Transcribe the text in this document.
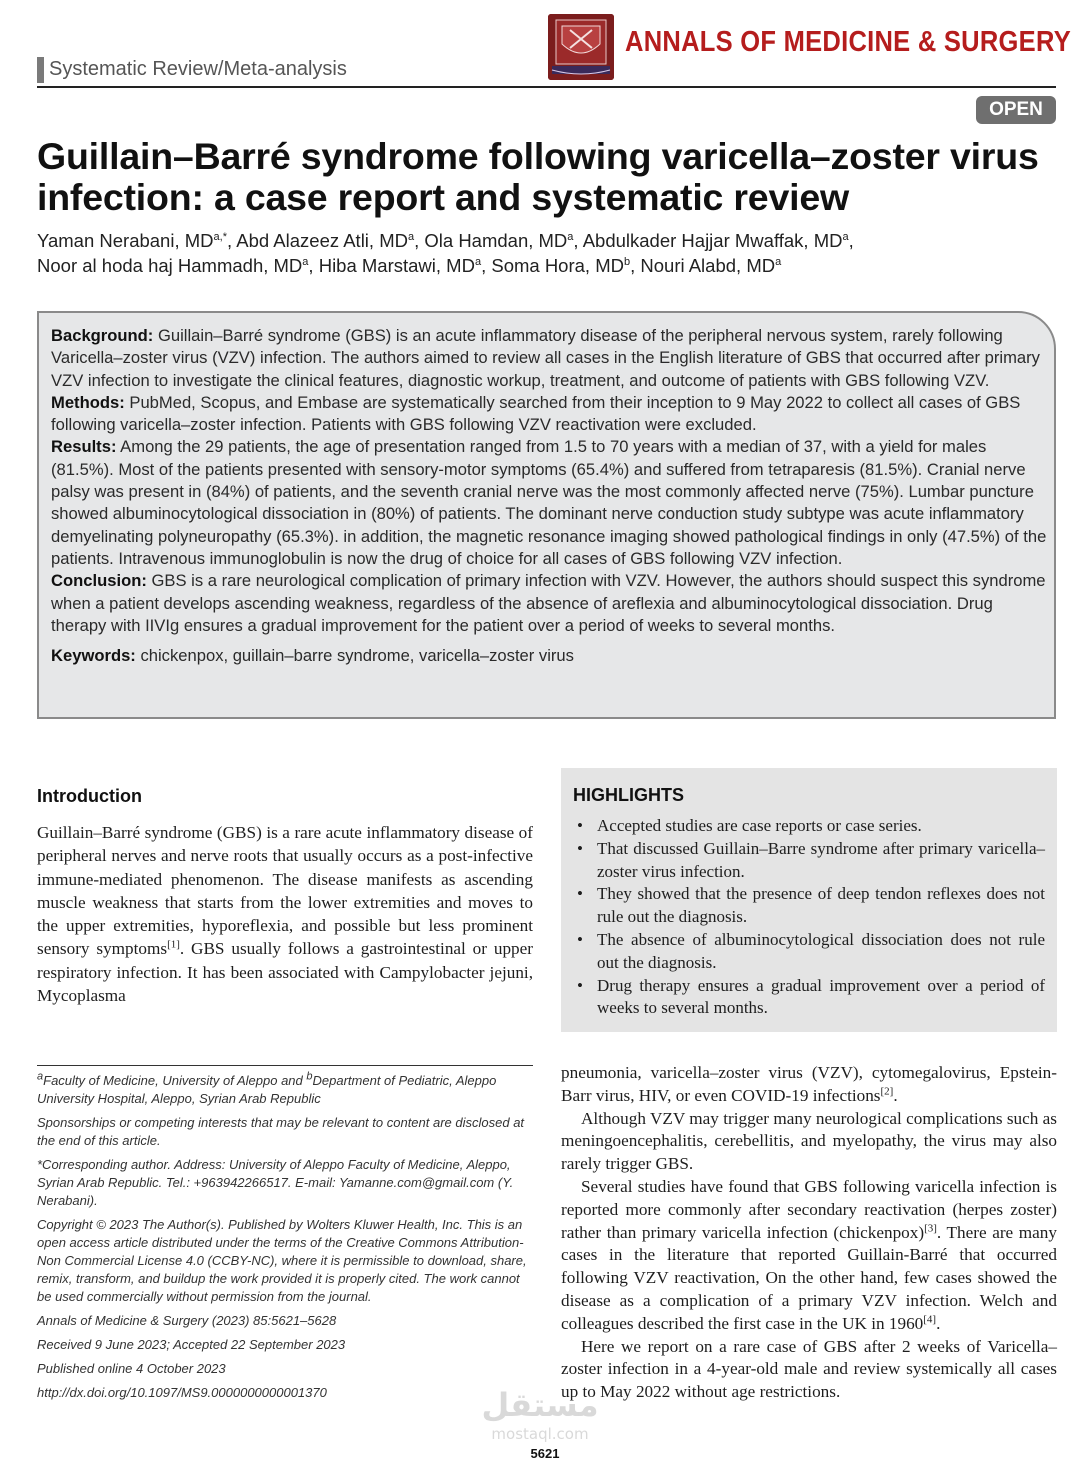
Systematic Review/Meta-analysis
ANNALS OF MEDICINE & SURGERY
OPEN
Guillain–Barré syndrome following varicella–zoster virus infection: a case report and systematic review
Yaman Nerabani, $MD^{a,*}$, Abd Alazeez Atli, $MD^a$, Ola Hamdan, $MD^a$, Abdulkader Hajjar Mwaffak, $MD^a$,
Noor al hoda haj Hammadh, $MD^a$, Hiba Marstawi, $MD^a$, Soma Hora, $MD^b$, Nouri Alabd, $MD^a$

Background: Guillain–Barré syndrome (GBS) is an acute inflammatory disease of the peripheral nervous system, rarely following Varicella–zoster virus (VZV) infection. The authors aimed to review all cases in the English literature of GBS that occurred after primary VZV infection to investigate the clinical features, diagnostic workup, treatment, and outcome of patients with GBS following VZV.

Methods: PubMed, Scopus, and Embase are systematically searched from their inception to 9 May 2022 to collect all cases of GBS following varicella–zoster infection. Patients with GBS following VZV reactivation were excluded.

Results: Among the 29 patients, the age of presentation ranged from 1.5 to 70 years with a median of 37, with a yield for males (81.5%). Most of the patients presented with sensory-motor symptoms (65.4%) and suffered from tetraparesis (81.5%). Cranial nerve palsy was present in (84%) of patients, and the seventh cranial nerve was the most commonly affected nerve (75%). Lumbar puncture showed albuminocytological dissociation in (80%) of patients. The dominant nerve conduction study subtype was acute inflammatory demyelinating polyneuropathy (65.3%). in addition, the magnetic resonance imaging showed pathological findings in only (47.5%) of the patients. Intravenous immunoglobulin is now the drug of choice for all cases of GBS following VZV infection.

Conclusion: GBS is a rare neurological complication of primary infection with VZV. However, the authors should suspect this syndrome when a patient develops ascending weakness, regardless of the absence of areflexia and albuminocytological dissociation. Drug therapy with IIVIg ensures a gradual improvement for the patient over a period of weeks to several months.

Keywords: chickenpox, guillain–barre syndrome, varicella–zoster virus

Introduction

Guillain–Barré syndrome (GBS) is a rare acute inflammatory disease of peripheral nerves and nerve roots that usually occurs as a post-infective immune-mediated phenomenon. The disease manifests as ascending muscle weakness that starts from the lower extremities and moves to the upper extremities, hyporeflexia, and possible but less prominent sensory symptoms[1]. GBS usually follows a gastrointestinal or upper respiratory infection. It has been associated with Campylobacter jejuni, Mycoplasma

HIGHLIGHTS
• Accepted studies are case reports or case series.
• That discussed Guillain–Barre syndrome after primary varicella–zoster virus infection.
• They showed that the presence of deep tendon reflexes does not rule out the diagnosis.
• The absence of albuminocytological dissociation does not rule out the diagnosis.
• Drug therapy ensures a gradual improvement over a period of weeks to several months.

$^a$Faculty of Medicine, University of Aleppo and $^b$Department of Pediatric, Aleppo University Hospital, Aleppo, Syrian Arab Republic

Sponsorships or competing interests that may be relevant to content are disclosed at the end of this article.

*Corresponding author. Address: University of Aleppo Faculty of Medicine, Aleppo, Syrian Arab Republic. Tel.: +963942266517. E-mail: Yamanne.com@gmail.com (Y. Nerabani).

Copyright © 2023 The Author(s). Published by Wolters Kluwer Health, Inc. This is an open access article distributed under the terms of the Creative Commons Attribution-Non Commercial License 4.0 (CCBY-NC), where it is permissible to download, share, remix, transform, and buildup the work provided it is properly cited. The work cannot be used commercially without permission from the journal.

Annals of Medicine & Surgery (2023) 85:5621–5628

Received 9 June 2023; Accepted 22 September 2023

Published online 4 October 2023

http://dx.doi.org/10.1097/MS9.0000000000001370

pneumonia, varicella–zoster virus (VZV), cytomegalovirus, Epstein-Barr virus, HIV, or even COVID-19 infections[2].

Although VZV may trigger many neurological complications such as meningoencephalitis, cerebellitis, and myelopathy, the virus may also rarely trigger GBS.

Several studies have found that GBS following varicella infection is reported more commonly after secondary reactivation (herpes zoster) rather than primary varicella infection (chickenpox)[3]. There are many cases in the literature that reported Guillain-Barré that occurred following VZV reactivation, On the other hand, few cases showed the disease as a complication of a primary VZV infection. Welch and colleagues described the first case in the UK in 1960[4].

Here we report on a rare case of GBS after 2 weeks of Varicella–zoster infection in a 4-year-old male and review systemically all cases up to May 2022 without age restrictions.

مستقل
mostaql.com
5621
